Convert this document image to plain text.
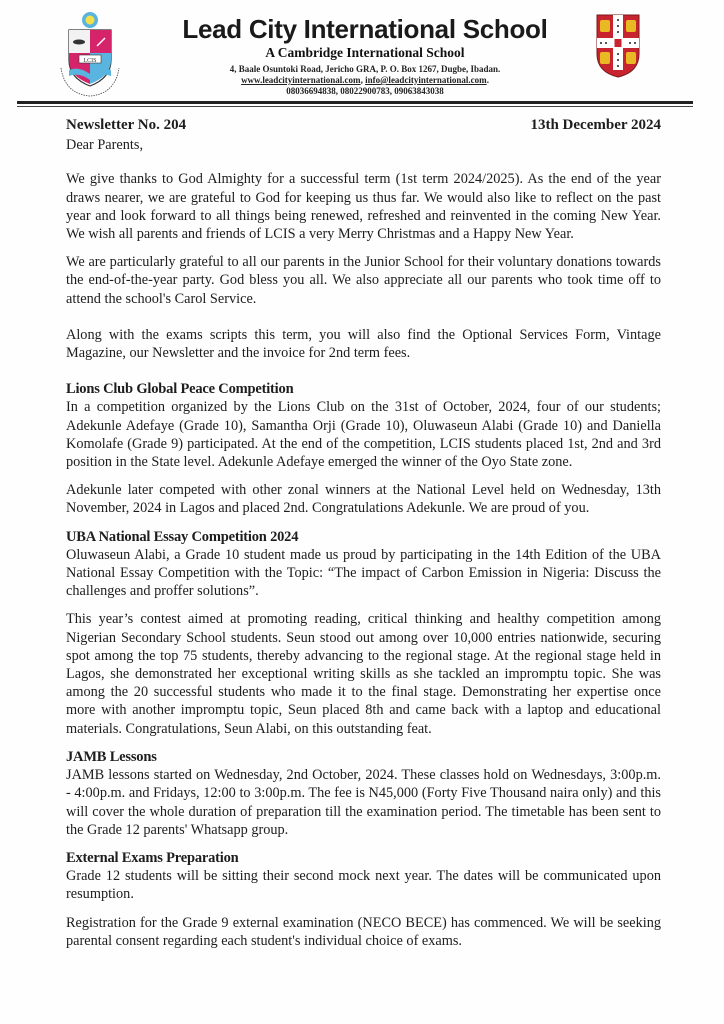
LCIS
Lead City International School
A Cambridge International School
4, Baale Osuntoki Road, Jericho GRA, P. O. Box 1267, Dugbe, Ibadan.
www.leadcityinternational.com, info@leadcityinternational.com.
08036694838, 08022900783, 09063843038
Newsletter No. 204	13th December 2024
Dear Parents,

We give thanks to God Almighty for a successful term (1st term 2024/2025). As the end of the year draws nearer, we are grateful to God for keeping us thus far. We would also like to reflect on the past year and look forward to all things being renewed, refreshed and reinvented in the coming New Year. We wish all parents and friends of LCIS a very Merry Christmas and a Happy New Year.

We are particularly grateful to all our parents in the Junior School for their voluntary donations towards the end-of-the-year party. God bless you all. We also appreciate all our parents who took time off to attend the school's Carol Service.

Along with the exams scripts this term, you will also find the Optional Services Form, Vintage Magazine, our Newsletter and the invoice for 2nd term fees.

Lions Club Global Peace Competition

In a competition organized by the Lions Club on the 31st of October, 2024, four of our students; Adekunle Adefaye (Grade 10), Samantha Orji (Grade 10), Oluwaseun Alabi (Grade 10) and Daniella Komolafe (Grade 9) participated. At the end of the competition, LCIS students placed 1st, 2nd and 3rd position in the State level. Adekunle Adefaye emerged the winner of the Oyo State zone.

Adekunle later competed with other zonal winners at the National Level held on Wednesday, 13th November, 2024 in Lagos and placed 2nd. Congratulations Adekunle. We are proud of you.

UBA National Essay Competition 2024

Oluwaseun Alabi, a Grade 10 student made us proud by participating in the 14th Edition of the UBA National Essay Competition with the Topic: “The impact of Carbon Emission in Nigeria: Discuss the challenges and proffer solutions”.

This year’s contest aimed at promoting reading, critical thinking and healthy competition among Nigerian Secondary School students. Seun stood out among over 10,000 entries nationwide, securing spot among the top 75 students, thereby advancing to the regional stage. At the regional stage held in Lagos, she demonstrated her exceptional writing skills as she tackled an impromptu topic. She was among the 20 successful students who made it to the final stage. Demonstrating her expertise once more with another impromptu topic, Seun placed 8th and came back with a laptop and educational materials. Congratulations, Seun Alabi, on this outstanding feat.

JAMB Lessons

JAMB lessons started on Wednesday, 2nd October, 2024. These classes hold on Wednesdays, 3:00p.m. - 4:00p.m. and Fridays, 12:00 to 3:00p.m. The fee is N45,000 (Forty Five Thousand naira only) and this will cover the whole duration of preparation till the examination period. The timetable has been sent to the Grade 12 parents' Whatsapp group.

External Exams Preparation

Grade 12 students will be sitting their second mock next year. The dates will be communicated upon resumption.

Registration for the Grade 9 external examination (NECO BECE) has commenced. We will be seeking parental consent regarding each student's individual choice of exams.
